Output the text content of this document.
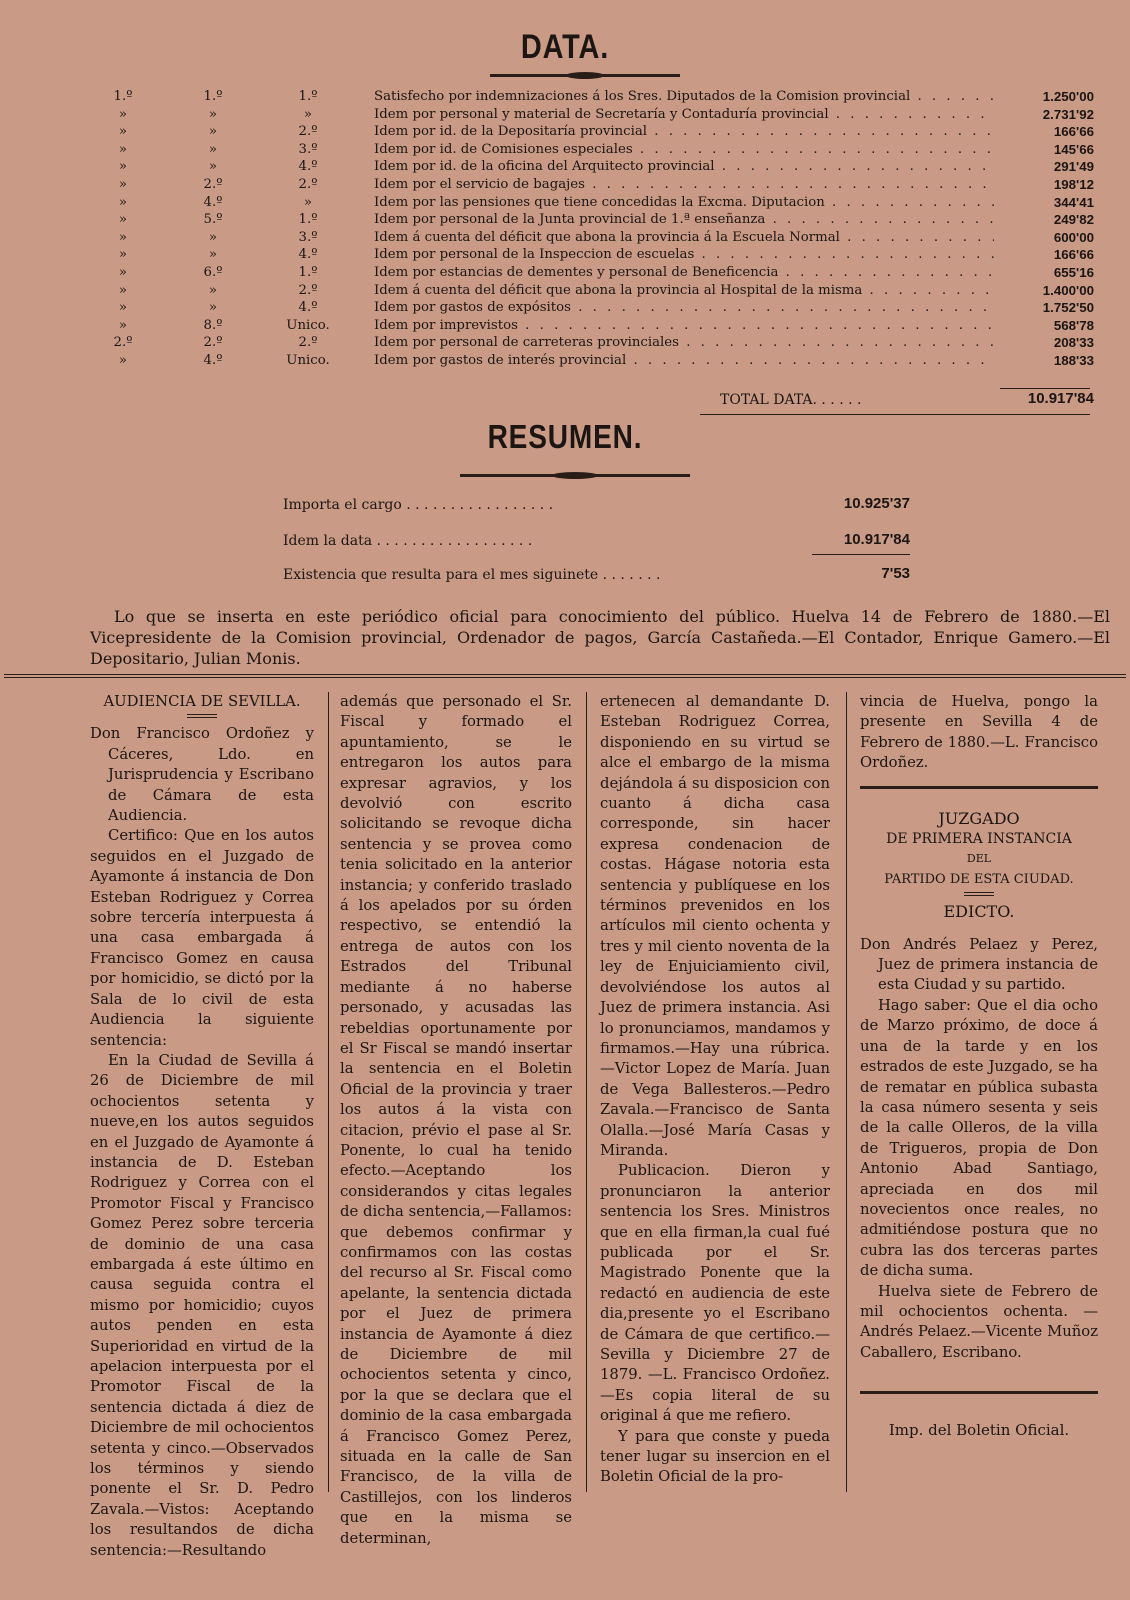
DATA.
1.º	1.º	1.º	Satisfecho por indemnizaciones á los Sres. Diputados de la Comision provincial . .	1.250'00
»	»	»	Idem por personal y material de Secretaría y Contaduría provincial . .	2.731'92
»	»	2.º	Idem por id. de la Depositaría provincial . .	166'66
»	»	3.º	Idem por id. de Comisiones especiales . .	145'66
»	»	4.º	Idem por id. de la oficina del Arquitecto provincial . .	291'49
»	2.º	2.º	Idem por el servicio de bagajes . .	198'12
»	4.º	»	Idem por las pensiones que tiene concedidas la Excma. Diputacion . .	344'41
»	5.º	1.º	Idem por personal de la Junta provincial de 1.ª enseñanza . .	249'82
»	»	3.º	Idem á cuenta del déficit que abona la provincia á la Escuela Normal . .	600'00
»	»	4.º	Idem por personal de la Inspeccion de escuelas . .	166'66
»	6.º	1.º	Idem por estancias de dementes y personal de Beneficencia . .	655'16
»	»	2.º	Idem á cuenta del déficit que abona la provincia al Hospital de la misma . .	1.400'00
»	»	4.º	Idem por gastos de expósitos . .	1.752'50
»	8.º	Unico.	Idem por imprevistos . .	568'78
2.º	2.º	2.º	Idem por personal de carreteras provinciales . .	208'33
»	4.º	Unico.	Idem por gastos de interés provincial . .	188'33
TOTAL DATA. . . . . .	10.917'84
RESUMEN.
Importa el cargo . . . . . . . . . . . . . . . . .	10.925'37
Idem la data . . . . . . . . . . . . . . . . . .	10.917'84
Existencia que resulta para el mes siguinete . . . . . . .	7'53
Lo que se inserta en este periódico oficial para conocimiento del público. Huelva 14 de Febrero de 1880.—El Vicepresidente de la Comision provincial, Ordenador de pagos, García Castañeda.—El Contador, Enrique Gamero.—El Depositario, Julian Monis.

AUDIENCIA DE SEVILLA.

Don Francisco Ordoñez y Cáceres, Ldo. en Jurisprudencia y Escribano de Cámara de esta Audiencia.

Certifico: Que en los autos seguidos en el Juzgado de Ayamonte á instancia de Don Esteban Rodriguez y Correa sobre tercería interpuesta á una casa embargada á Francisco Gomez en causa por homicidio, se dictó por la Sala de lo civil de esta Audiencia la siguiente sentencia:

En la Ciudad de Sevilla á 26 de Diciembre de mil ochocientos setenta y nueve,en los autos seguidos en el Juzgado de Ayamonte á instancia de D. Esteban Rodriguez y Correa con el Promotor Fiscal y Francisco Gomez Perez sobre terceria de dominio de una casa embargada á este último en causa seguida contra el mismo por homicidio; cuyos autos penden en esta Superioridad en virtud de la apelacion interpuesta por el Promotor Fiscal de la sentencia dictada á diez de Diciembre de mil ochocientos setenta y cinco.—Observados los términos y siendo ponente el Sr. D. Pedro Zavala.—Vistos: Aceptando los resultandos de dicha sentencia:—Resultando

además que personado el Sr. Fiscal y formado el apuntamiento, se le entregaron los autos para expresar agravios, y los devolvió con escrito solicitando se revoque dicha sentencia y se provea como tenia solicitado en la anterior instancia; y conferido traslado á los apelados por su órden respectivo, se entendió la entrega de autos con los Estrados del Tribunal mediante á no haberse personado, y acusadas las rebeldias oportunamente por el Sr Fiscal se mandó insertar la sentencia en el Boletin Oficial de la provincia y traer los autos á la vista con citacion, prévio el pase al Sr. Ponente, lo cual ha tenido efecto.—Aceptando los considerandos y citas legales de dicha sentencia,—Fallamos: que debemos confirmar y confirmamos con las costas del recurso al Sr. Fiscal como apelante, la sentencia dictada por el Juez de primera instancia de Ayamonte á diez de Diciembre de mil ochocientos setenta y cinco, por la que se declara que el dominio de la casa embargada á Francisco Gomez Perez, situada en la calle de San Francisco, de la villa de Castillejos, con los linderos que en la misma se determinan,

ertenecen al demandante D. Esteban Rodriguez Correa, disponiendo en su virtud se alce el embargo de la misma dejándola á su disposicion con cuanto á dicha casa corresponde, sin hacer expresa condenacion de costas. Hágase notoria esta sentencia y publíquese en los términos prevenidos en los artículos mil ciento ochenta y tres y mil ciento noventa de la ley de Enjuiciamiento civil, devolviéndose los autos al Juez de primera instancia. Asi lo pronunciamos, mandamos y firmamos.—Hay una rúbrica.—Victor Lopez de María. Juan de Vega Ballesteros.—Pedro Zavala.—Francisco de Santa Olalla.—José María Casas y Miranda.

Publicacion. Dieron y pronunciaron la anterior sentencia los Sres. Ministros que en ella firman,la cual fué publicada por el Sr. Magistrado Ponente que la redactó en audiencia de este dia,presente yo el Escribano de Cámara de que certifico.—Sevilla y Diciembre 27 de 1879. —L. Francisco Ordoñez.—Es copia literal de su original á que me refiero.

Y para que conste y pueda tener lugar su insercion en el Boletin Oficial de la pro-

vincia de Huelva, pongo la presente en Sevilla 4 de Febrero de 1880.—L. Francisco Ordoñez.

JUZGADO

DE PRIMERA INSTANCIA

DEL

PARTIDO DE ESTA CIUDAD.

EDICTO.

Don Andrés Pelaez y Perez, Juez de primera instancia de esta Ciudad y su partido.

Hago saber: Que el dia ocho de Marzo próximo, de doce á una de la tarde y en los estrados de este Juzgado, se ha de rematar en pública subasta la casa número sesenta y seis de la calle Olleros, de la villa de Trigueros, propia de Don Antonio Abad Santiago, apreciada en dos mil novecientos once reales, no admitiéndose postura que no cubra las dos terceras partes de dicha suma.

Huelva siete de Febrero de mil ochocientos ochenta. —Andrés Pelaez.—Vicente Muñoz Caballero, Escribano.

Imp. del Boletin Oficial.
